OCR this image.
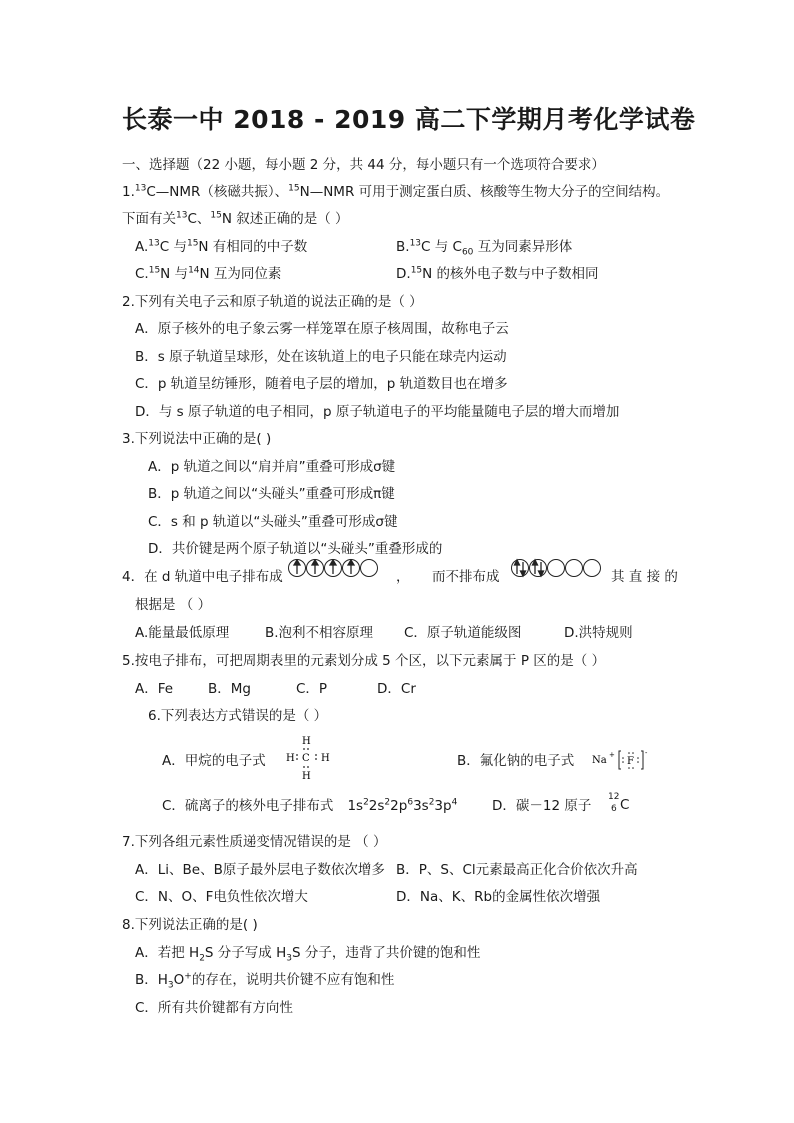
长泰一中 2018 - 2019 高二下学期月考化学试卷
一、选择题（22 小题，每小题 2 分，共 44 分，每小题只有一个选项符合要求）
1.13C—NMR（核磁共振）、$^{15}$N—NMR 可用于测定蛋白质、核酸等生物大分子的空间结构。
下面有关$^{13}$C、$^{15}$N 叙述正确的是（ ）
A.$^{13}$C 与$^{15}$N 有相同的中子数	B.$^{13}$C 与 $C_{60}$ 互为同素异形体
C.$^{15}$N 与$^{14}$N 互为同位素	D.$^{15}$N 的核外电子数与中子数相同
2.下列有关电子云和原子轨道的说法正确的是（ ）
A．原子核外的电子象云雾一样笼罩在原子核周围，故称电子云
B．s 原子轨道呈球形，处在该轨道上的电子只能在球壳内运动
C．p 轨道呈纺锤形，随着电子层的增加，p 轨道数目也在增多
D．与 s 原子轨道的电子相同，p 原子轨道电子的平均能量随电子层的增大而增加
3.下列说法中正确的是( )
A．p 轨道之间以“肩并肩”重叠可形成σ键
B．p 轨道之间以“头碰头”重叠可形成π键
C．s 和 p 轨道以“头碰头”重叠可形成σ键
D．共价键是两个原子轨道以“头碰头”重叠形成的
4．在 d 轨道中电子排布成	， 而不排布成	其 直 接 的
根据是 （ ）
A.能量最低原理	B.泡利不相容原理 C．原子轨道能级图	D.洪特规则
5.按电子排布，可把周期表里的元素划分成 5 个区，以下元素属于 P 区的是（ ）
A．Fe	B．Mg	C．P	D．Cr
6.下列表达方式错误的是（ ）
A．甲烷的电子式
H
H C H
H
B．氟化钠的电子式 Na +
F
-
C．硫离子的核外电子排布式 $1s^22s^22p^63s^23p^4$	D．碳－12 原子
12
6 C
7.下列各组元素性质递变情况错误的是 （ ）
A．Li、Be、B原子最外层电子数依次增多 B．P、S、Cl元素最高正化合价依次升高
C．N、O、F电负性依次增大	D．Na、K、Rb的金属性依次增强
8.下列说法正确的是( )
A．若把 $H_2S$ 分子写成 $H_3S$ 分子，违背了共价键的饱和性
B．$H_3O^+$的存在，说明共价键不应有饱和性
C．所有共价键都有方向性
